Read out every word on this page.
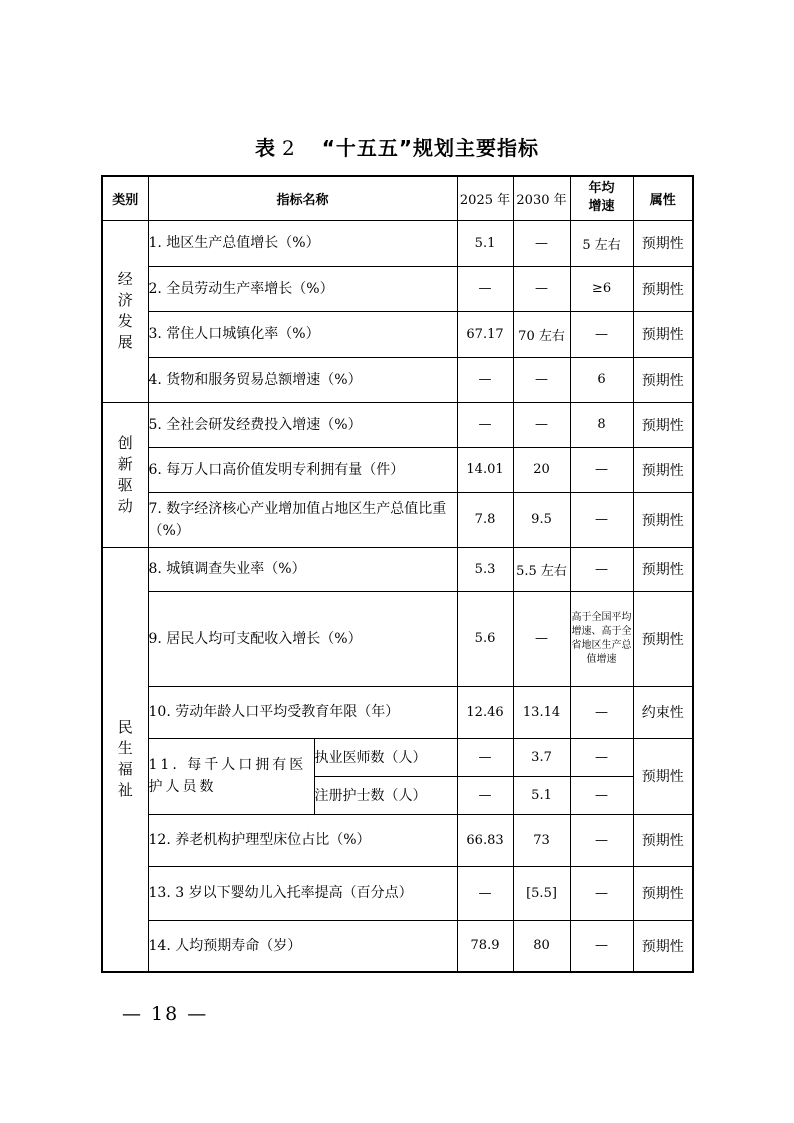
表 2 “十五五”规划主要指标
类别	指标名称		2025 年	2030 年	年均增速	属性
经济发展	1. 地区生产总值增长（%）		5.1	—	5 左右	预期性
	2. 全员劳动生产率增长（%）		—	—	≥6	预期性
	3. 常住人口城镇化率（%）		67.17	70 左右	—	预期性
	4. 货物和服务贸易总额增速（%）		—	—	6	预期性
创新驱动	5. 全社会研发经费投入增速（%）		—	—	8	预期性
	6. 每万人口高价值发明专利拥有量（件）		14.01	20	—	预期性
	7. 数字经济核心产业增加值占地区生产总值比重（%）		7.8	9.5	—	预期性
民生福祉	8. 城镇调查失业率（%）		5.3	5.5 左右	—	预期性
	9. 居民人均可支配收入增长（%）		5.6	—	高于全国平均增速、高于全省地区生产总值增速	预期性
	10. 劳动年龄人口平均受教育年限（年）		12.46	13.14	—	约束性
	11. 每千人口拥有医护人员数	执业医师数（人）	—	3.7	—	预期性
		注册护士数（人）	—	5.1	—	
	12. 养老机构护理型床位占比（%）		66.83	73	—	预期性
	13. 3 岁以下婴幼儿入托率提高（百分点）		—	[5.5]	—	预期性
	14. 人均预期寿命（岁）		78.9	80	—	预期性
— 18 —
